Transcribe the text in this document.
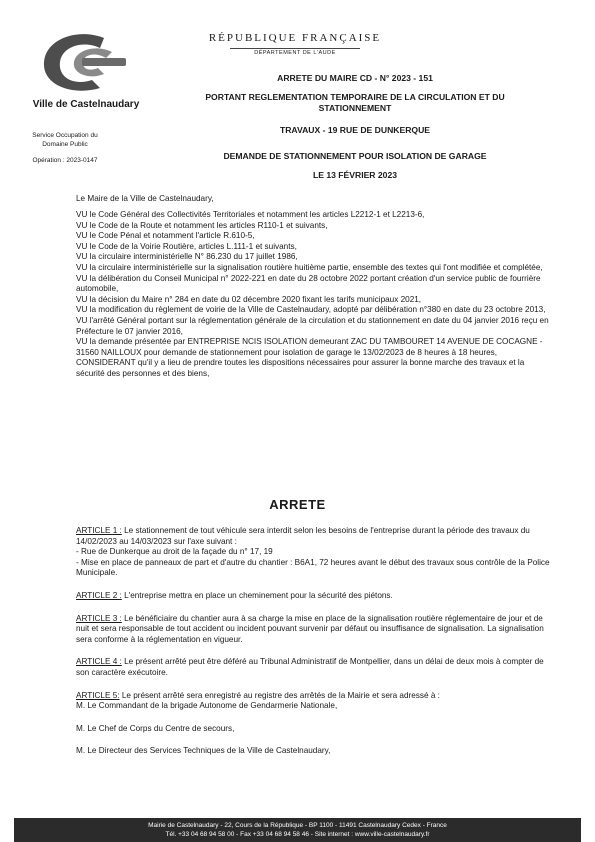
Ville de Castelnaudary
Service Occupation du Domaine Public
Opération : 2023-0147
RÉPUBLIQUE FRANÇAISE
DÉPARTEMENT DE L'AUDE
ARRETE DU MAIRE CD - N° 2023 - 151
PORTANT REGLEMENTATION TEMPORAIRE DE LA CIRCULATION ET DU STATIONNEMENT
TRAVAUX - 19 RUE DE DUNKERQUE
DEMANDE DE STATIONNEMENT POUR ISOLATION DE GARAGE
LE 13 FÉVRIER 2023
Le Maire de la Ville de Castelnaudary,

VU le Code Général des Collectivités Territoriales et notamment les articles L2212-1 et L2213-6,

VU le Code de la Route et notamment les articles R110-1 et suivants,

VU le Code Pénal et notamment l'article R.610-5,

VU le Code de la Voirie Routière, articles L.111-1 et suivants,

VU la circulaire interministérielle N° 86.230 du 17 juillet 1986,

VU la circulaire interministérielle sur la signalisation routière huitième partie, ensemble des textes qui l'ont modifiée et complétée,

VU la délibération du Conseil Municipal n° 2022-221 en date du 28 octobre 2022 portant création d'un service public de fourrière automobile,

VU la décision du Maire n° 284 en date du 02 décembre 2020 fixant les tarifs municipaux 2021,

VU la modification du règlement de voirie de la Ville de Castelnaudary, adopté par délibération n°380 en date du 23 octobre 2013,

VU l'arrêté Général portant sur la réglementation générale de la circulation et du stationnement en date du 04 janvier 2016 reçu en Préfecture le 07 janvier 2016,

VU la demande présentée par ENTREPRISE NCIS ISOLATION demeurant ZAC DU TAMBOURET 14 AVENUE DE COCAGNE - 31560 NAILLOUX pour demande de stationnement pour isolation de garage le 13/02/2023 de 8 heures à 18 heures,

CONSIDERANT qu'il y a lieu de prendre toutes les dispositions nécessaires pour assurer la bonne marche des travaux et la sécurité des personnes et des biens,

ARRETE

ARTICLE 1 : Le stationnement de tout véhicule sera interdit selon les besoins de l'entreprise durant la période des travaux du 14/02/2023 au 14/03/2023 sur l'axe suivant :

- Rue de Dunkerque au droit de la façade du n° 17, 19

- Mise en place de panneaux de part et d'autre du chantier : B6A1, 72 heures avant le début des travaux sous contrôle de la Police Municipale.

ARTICLE 2 : L'entreprise mettra en place un cheminement pour la sécurité des piétons.

ARTICLE 3 : Le bénéficiaire du chantier aura à sa charge la mise en place de la signalisation routière réglementaire de jour et de nuit et sera responsable de tout accident ou incident pouvant survenir par défaut ou insuffisance de signalisation. La signalisation sera conforme à la réglementation en vigueur.

ARTICLE 4 : Le présent arrêté peut être déféré au Tribunal Administratif de Montpellier, dans un délai de deux mois à compter de son caractère exécutoire.

ARTICLE 5: Le présent arrêté sera enregistré au registre des arrêtés de la Mairie et sera adressé à :

M. Le Commandant de la brigade Autonome de Gendarmerie Nationale,

M. Le Chef de Corps du Centre de secours,

M. Le Directeur des Services Techniques de la Ville de Castelnaudary,

Mairie de Castelnaudary - 22, Cours de la République - BP 1100 - 11491 Castelnaudary Cedex - France
Tél. +33 04 68 94 58 00 - Fax +33 04 68 94 58 46 - Site internet : www.ville-castelnaudary.fr
